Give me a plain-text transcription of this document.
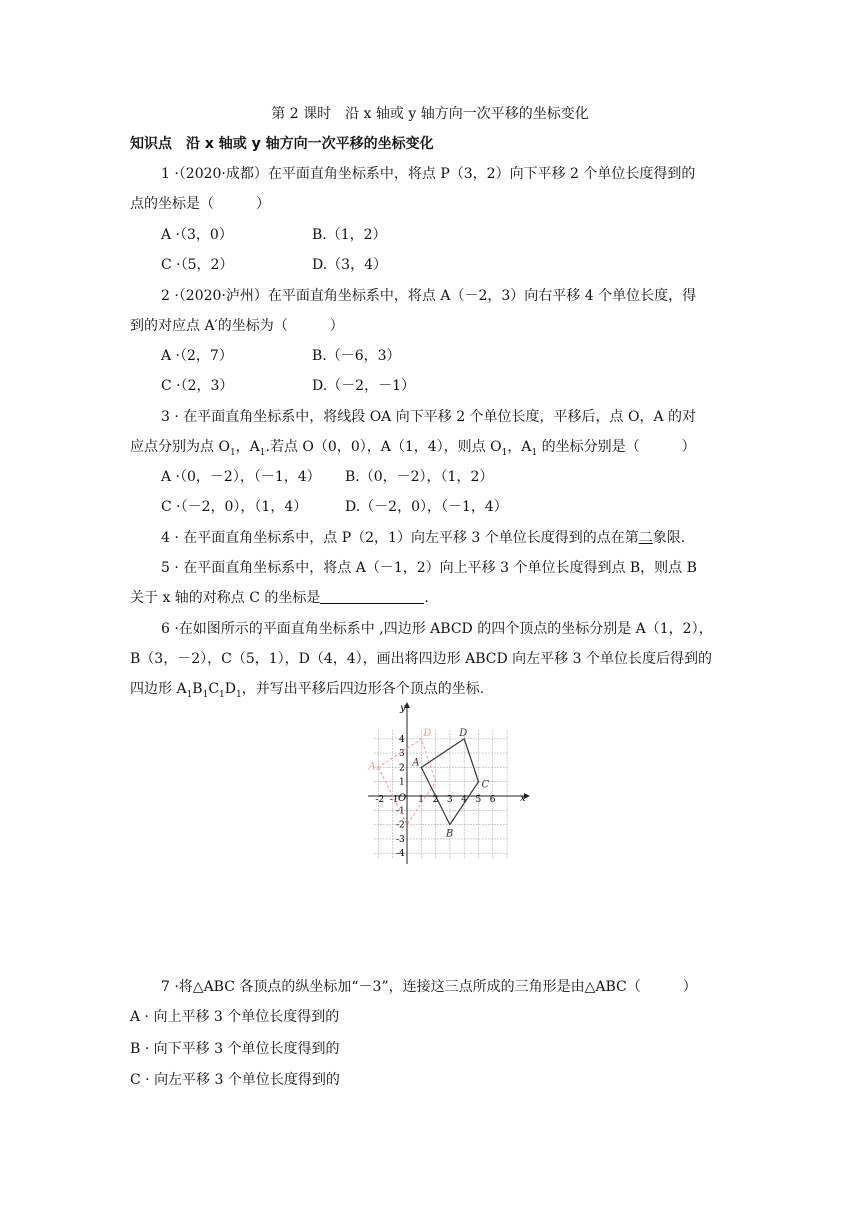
第 2 课时　沿 x 轴或 y 轴方向一次平移的坐标变化
知识点　沿 x 轴或 y 轴方向一次平移的坐标变化
1 ·（2020·成都）在平面直角坐标系中，将点 P（3，2）向下平移 2 个单位长度得到的
点的坐标是（　　　）
A ·（3，0）	B.（1，2）
C ·（5，2）	D.（3，4）
2 ·（2020·泸州）在平面直角坐标系中，将点 A（－2，3）向右平移 4 个单位长度，得
到的对应点 A′的坐标为（　　　）
A ·（2，7）	B.（－6，3）
C ·（2，3）	D.（－2，－1）
3 · 在平面直角坐标系中，将线段 OA 向下平移 2 个单位长度，平移后，点 O，A 的对
应点分别为点 $O_1$，$A_1$.若点 O（0，0），A（1，4），则点 $O_1$，$A_1$ 的坐标分别是（　　　）
A ·（0，－2），（－1，4） B.（0，－2），（1，2）
C ·（－2，0），（1，4）	D.（－2，0），（－1，4）
4 · 在平面直角坐标系中，点 P（2，1）向左平移 3 个单位长度得到的点在第二象限.
5 · 在平面直角坐标系中，将点 A（－1，2）向上平移 3 个单位长度得到点 B，则点 B
关于 x 轴的对称点 C 的坐标是	.
6 ·在如图所示的平面直角坐标系中 ,四边形 ABCD 的四个顶点的坐标分别是 A（1，2），
B（3，－2），C（5，1），D（4，4），画出将四边形 ABCD 向左平移 3 个单位长度后得到的
四边形 $A_1B_1C_1D_1$，并写出平移后四边形各个顶点的坐标.
x
y
O
-2 -1 1 2 3 4 5 6
4
3
2
1
-1
-2
-3
-4
A
B
C
D
A₁
D
7 ·将△ABC 各顶点的纵坐标加“－3”，连接这三点所成的三角形是由△ABC（　　　）
A · 向上平移 3 个单位长度得到的
B · 向下平移 3 个单位长度得到的
C · 向左平移 3 个单位长度得到的
